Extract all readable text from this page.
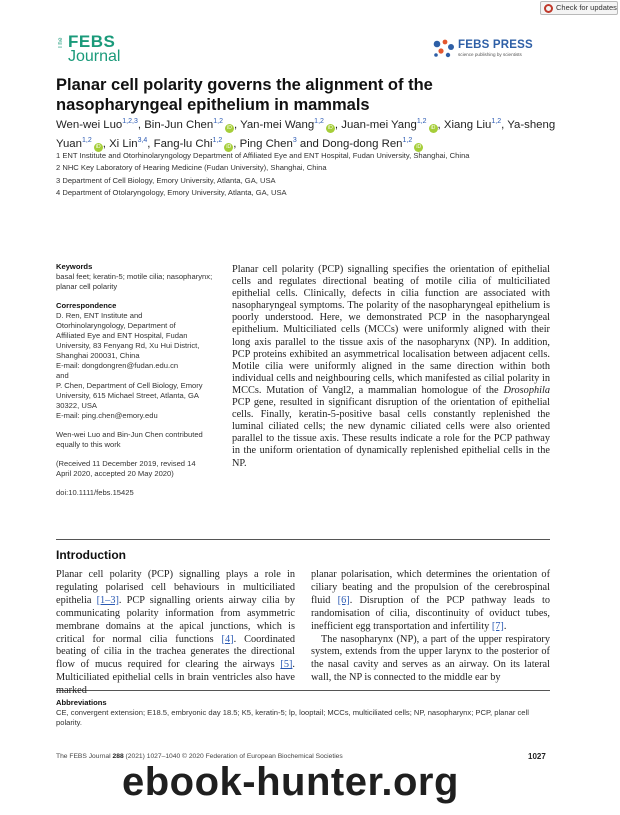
Check for updates
The FEBS
Journal
FEBS PRESS
science publishing by scientists
Planar cell polarity governs the alignment of the nasopharyngeal epithelium in mammals
Wen-wei Luo$^{1,2,3}$, Bin-Jun Chen$^{1,2}$iD , Yan-mei Wang$^{1,2}$iD , Juan-mei Yang$^{1,2}$iD , Xiang Liu$^{1,2}$, Ya-sheng Yuan$^{1,2}$iD , Xi Lin$^{3,4}$, Fang-lu Chi$^{1,2}$iD , Ping Chen$^3$ and Dong-dong Ren$^{1,2}$iD
1 ENT Institute and Otorhinolaryngology Department of Affiliated Eye and ENT Hospital, Fudan University, Shanghai, China
2 NHC Key Laboratory of Hearing Medicine (Fudan University), Shanghai, China
3 Department of Cell Biology, Emory University, Atlanta, GA, USA
4 Department of Otolaryngology, Emory University, Atlanta, GA, USA
Keywords
basal feet; keratin-5; motile cilia; nasopharynx; planar cell polarity
Correspondence
D. Ren, ENT Institute and
Otorhinolaryngology, Department of
Affiliated Eye and ENT Hospital, Fudan
University, 83 Fenyang Rd, Xu Hui District,
Shanghai 200031, China
E-mail: dongdongren@fudan.edu.cn
and
P. Chen, Department of Cell Biology, Emory
University, 615 Michael Street, Atlanta, GA
30322, USA
E-mail: ping.chen@emory.edu
Wen-wei Luo and Bin-Jun Chen contributed
equally to this work
(Received 11 December 2019, revised 14
April 2020, accepted 20 May 2020)
doi:10.1111/febs.15425
Planar cell polarity (PCP) signalling specifies the orientation of epithelial cells and regulates directional beating of motile cilia of multiciliated epithelial cells. Clinically, defects in cilia function are associated with nasopharyngeal symptoms. The polarity of the nasopharyngeal epithelium is poorly understood. Here, we demonstrated PCP in the nasopharyngeal epithelium. Multiciliated cells (MCCs) were uniformly aligned with their long axis parallel to the tissue axis of the nasopharynx (NP). In addition, PCP proteins exhibited an asymmetrical localisation between adjacent cells. Motile cilia were uniformly aligned in the same direction within both individual cells and neighbouring cells, which manifested as cilial polarity in MCCs. Mutation of Vangl2, a mammalian homologue of the Drosophila PCP gene, resulted in significant disruption of the orientation of epithelial cells. Finally, keratin-5-positive basal cells constantly replenished the luminal ciliated cells; the new dynamic ciliated cells were also oriented parallel to the tissue axis. These results indicate a role for the PCP pathway in the uniform orientation of dynamically replenished epithelial cells in the NP.
Introduction
Planar cell polarity (PCP) signalling plays a role in regulating polarised cell behaviours in multiciliated epithelia [1–3]. PCP signalling orients airway cilia by communicating polarity information from asymmetric membrane domains at the apical junctions, which is critical for normal cilia functions [4]. Coordinated beating of cilia in the trachea generates the directional flow of mucus required for clearing the airways [5]. Multiciliated epithelial cells in brain ventricles also have marked
planar polarisation, which determines the orientation of ciliary beating and the propulsion of the cerebrospinal fluid [6]. Disruption of the PCP pathway leads to randomisation of cilia, discontinuity of oviduct tubes, inefficient egg transportation and infertility [7].
The nasopharynx (NP), a part of the upper respiratory system, extends from the upper larynx to the posterior of the nasal cavity and serves as an airway. On its lateral wall, the NP is connected to the middle ear by
Abbreviations
CE, convergent extension; E18.5, embryonic day 18.5; K5, keratin-5; lp, looptail; MCCs, multiciliated cells; NP, nasopharynx; PCP, planar cell polarity.
The FEBS Journal 288 (2021) 1027–1040 © 2020 Federation of European Biochemical Societies	1027
ebook-hunter.org
